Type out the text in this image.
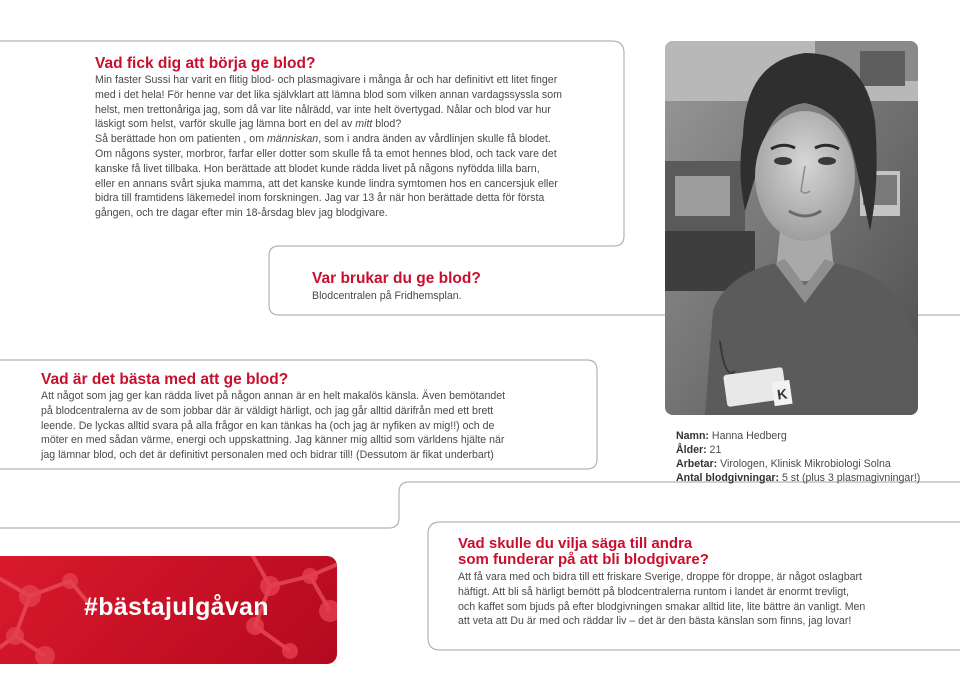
Vad fick dig att börja ge blod?
Min faster Sussi har varit en flitig blod- och plasmagivare i många år och har definitivt ett litet finger
med i det hela! För henne var det lika självklart att lämna blod som vilken annan vardagssyssla som
helst, men trettonåriga jag, som då var lite nålrädd, var inte helt övertygad. Nålar och blod var hur
läskigt som helst, varför skulle jag lämna bort en del av mitt blod?
Så berättade hon om patienten , om människan, som i andra änden av vårdlinjen skulle få blodet.
Om någons syster, morbror, farfar eller dotter som skulle få ta emot hennes blod, och tack vare det
kanske få livet tillbaka. Hon berättade att blodet kunde rädda livet på någons nyfödda lilla barn,
eller en annans svårt sjuka mamma, att det kanske kunde lindra symtomen hos en cancersjuk eller
bidra till framtidens läkemedel inom forskningen. Jag var 13 år när hon berättade detta för första
gången, och tre dagar efter min 18-årsdag blev jag blodgivare.
Var brukar du ge blod?
Blodcentralen på Fridhemsplan.
Vad är det bästa med att ge blod?
Att något som jag ger kan rädda livet på någon annan är en helt makalös känsla. Även bemötandet
på blodcentralerna av de som jobbar där är väldigt härligt, och jag går alltid därifrån med ett brett
leende. De lyckas alltid svara på alla frågor en kan tänkas ha (och jag är nyfiken av mig!!) och de
möter en med sådan värme, energi och uppskattning. Jag känner mig alltid som världens hjälte när
jag lämnar blod, och det är definitivt personalen med och bidrar till! (Dessutom är fikat underbart)
Vad skulle du vilja säga till andra
som funderar på att bli blodgivare?
Att få vara med och bidra till ett friskare Sverige, droppe för droppe, är något oslagbart
häftigt. Att bli så härligt bemött på blodcentralerna runtom i landet är enormt trevligt,
och kaffet som bjuds på efter blodgivningen smakar alltid lite, lite bättre än vanligt. Men
att veta att Du är med och räddar liv – det är den bästa känslan som finns, jag lovar!
K
Namn: Hanna Hedberg
Ålder: 21
Arbetar: Virologen, Klinisk Mikrobiologi Solna
Antal blodgivningar: 5 st (plus 3 plasmagivningar!)
#bästajulgåvan
